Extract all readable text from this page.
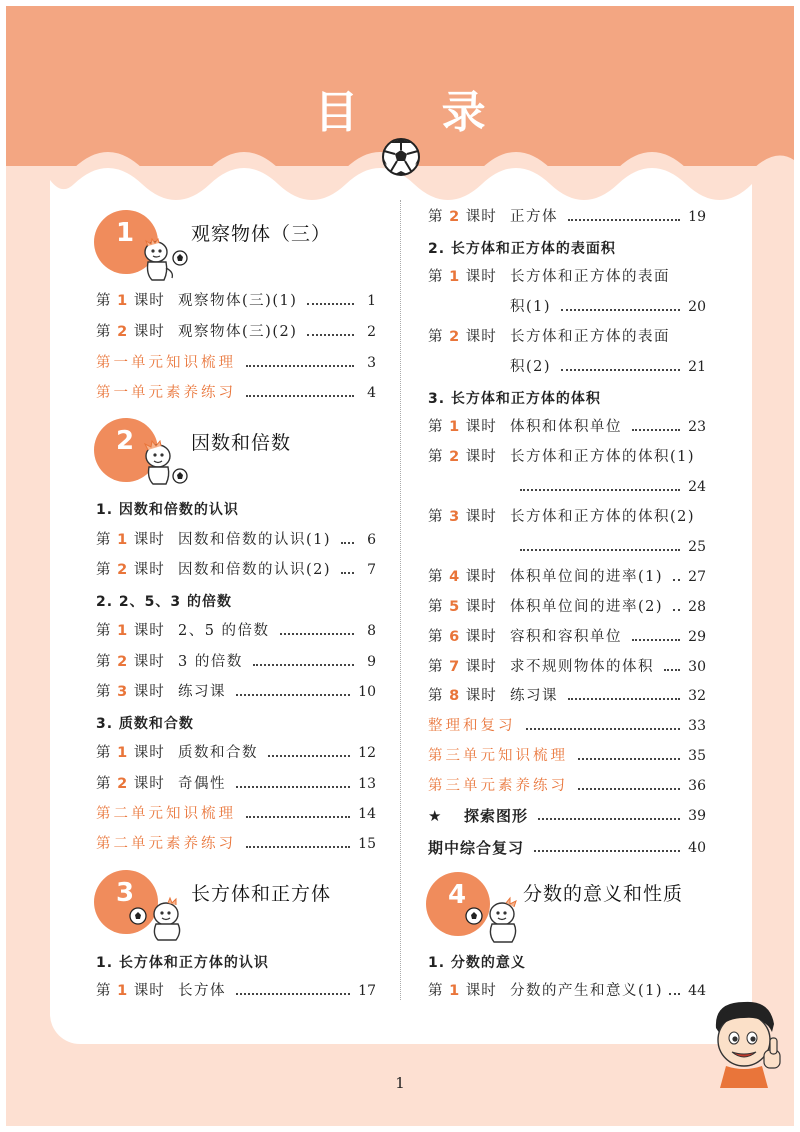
目 录
1	观察物体（三）
第 1 课时 观察物体(三)(1)	1
第 2 课时 观察物体(三)(2)	2
第一单元知识梳理	3
第一单元素养练习	4
2	因数和倍数
1. 因数和倍数的认识
第 1 课时 因数和倍数的认识(1)	6
第 2 课时 因数和倍数的认识(2)	7
2. 2、5、3 的倍数
第 1 课时 2、5 的倍数	8
第 2 课时 3 的倍数	9
第 3 课时 练习课	10
3. 质数和合数
第 1 课时 质数和合数	12
第 2 课时 奇偶性	13
第二单元知识梳理	14
第二单元素养练习	15
3	长方体和正方体
1. 长方体和正方体的认识
第 1 课时 长方体	17
第 2 课时 正方体	19
2. 长方体和正方体的表面积
第 1 课时 长方体和正方体的表面
积(1)	20
第 2 课时 长方体和正方体的表面
积(2)	21
3. 长方体和正方体的体积
第 1 课时 体积和体积单位	23
第 2 课时 长方体和正方体的体积(1)
24
第 3 课时 长方体和正方体的体积(2)
25
第 4 课时 体积单位间的进率(1) 27
第 5 课时 体积单位间的进率(2) 28
第 6 课时 容积和容积单位	29
第 7 课时 求不规则物体的体积 30
第 8 课时 练习课	32
整理和复习	33
第三单元知识梳理	35
第三单元素养练习	36
★	探索图形	39
期中综合复习	40
4	分数的意义和性质
1. 分数的意义
第 1 课时 分数的产生和意义(1) 44
1
